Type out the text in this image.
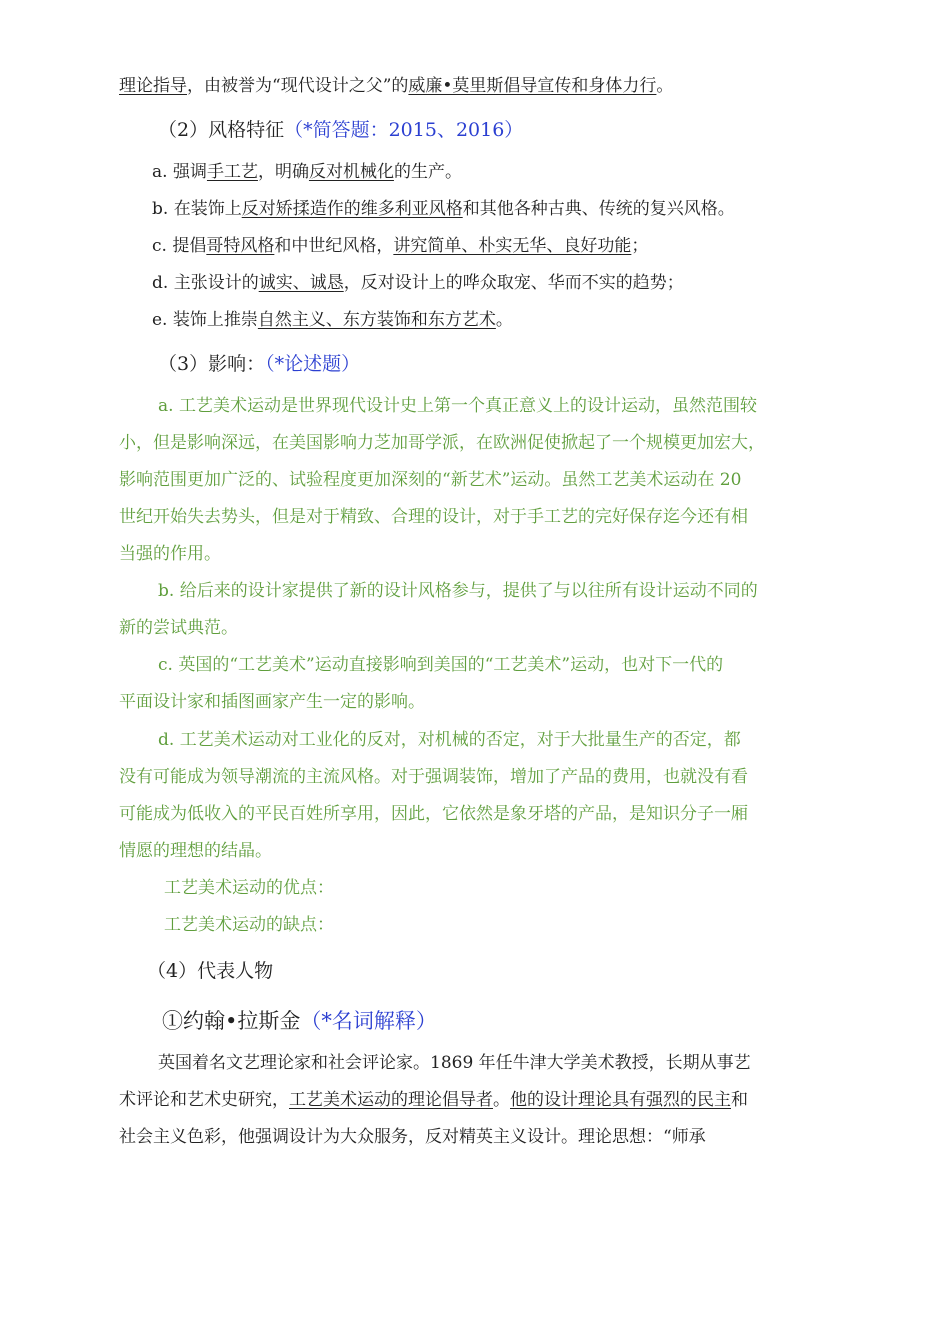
理论指导，由被誉为“现代设计之父”的威廉•莫里斯倡导宣传和身体力行。
（2）风格特征（*简答题：2015、2016）
a. 强调手工艺，明确反对机械化的生产。
b. 在装饰上反对矫揉造作的维多利亚风格和其他各种古典、传统的复兴风格。
c. 提倡哥特风格和中世纪风格，讲究简单、朴实无华、良好功能；
d. 主张设计的诚实、诚恳，反对设计上的哗众取宠、华而不实的趋势；
e. 装饰上推崇自然主义、东方装饰和东方艺术。
（3）影响：（*论述题）
a. 工艺美术运动是世界现代设计史上第一个真正意义上的设计运动，虽然范围较
小，但是影响深远，在美国影响力芝加哥学派，在欧洲促使掀起了一个规模更加宏大，
影响范围更加广泛的、试验程度更加深刻的“新艺术”运动。虽然工艺美术运动在 20
世纪开始失去势头，但是对于精致、合理的设计，对于手工艺的完好保存迄今还有相
当强的作用。
b. 给后来的设计家提供了新的设计风格参与，提供了与以往所有设计运动不同的
新的尝试典范。
c. 英国的“工艺美术”运动直接影响到美国的“工艺美术”运动，也对下一代的
平面设计家和插图画家产生一定的影响。
d. 工艺美术运动对工业化的反对，对机械的否定，对于大批量生产的否定，都
没有可能成为领导潮流的主流风格。对于强调装饰，增加了产品的费用，也就没有看
可能成为低收入的平民百姓所享用，因此，它依然是象牙塔的产品，是知识分子一厢
情愿的理想的结晶。
工艺美术运动的优点：
工艺美术运动的缺点：
（4）代表人物
①约翰•拉斯金（*名词解释）
英国着名文艺理论家和社会评论家。1869 年任牛津大学美术教授，长期从事艺
术评论和艺术史研究，工艺美术运动的理论倡导者。他的设计理论具有强烈的民主和
社会主义色彩，他强调设计为大众服务，反对精英主义设计。理论思想：“师承
